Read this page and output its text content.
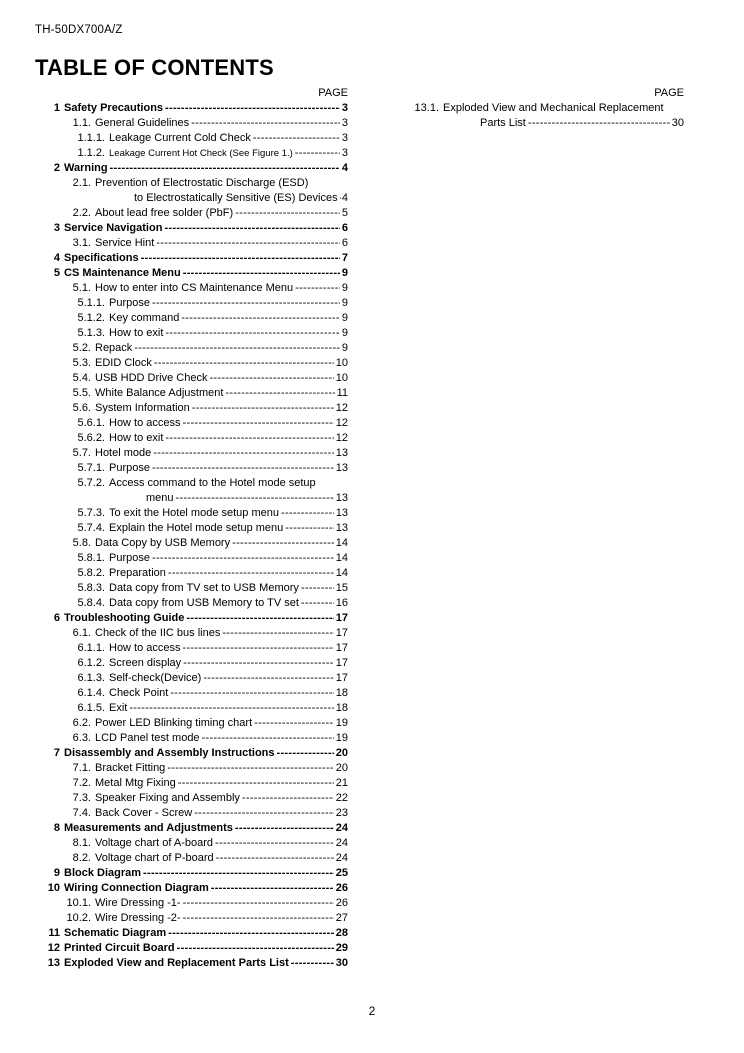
TH-50DX700A/Z
TABLE OF CONTENTS
PAGE
1 Safety Precautions -----	3
1.1. General Guidelines -----	3
1.1.1. Leakage Current Cold Check -----	3
1.1.2. Leakage Current Hot Check (See Figure 1.) -----	3
2 Warning -----	4
2.1. Prevention of Electrostatic Discharge (ESD)
to Electrostatically Sensitive (ES) Devices ----- 4
2.2. About lead free solder (PbF) -----	5
3 Service Navigation -----	6
3.1. Service Hint -----	6
4 Specifications -----	7
5 CS Maintenance Menu -----	9
5.1. How to enter into CS Maintenance Menu -----	9
5.1.1. Purpose -----	9
5.1.2. Key command -----	9
5.1.3. How to exit -----	9
5.2. Repack -----	9
5.3. EDID Clock -----	10
5.4. USB HDD Drive Check -----	10
5.5. White Balance Adjustment -----	11
5.6. System Information -----	12
5.6.1. How to access -----	12
5.6.2. How to exit -----	12
5.7. Hotel mode -----	13
5.7.1. Purpose -----	13
5.7.2. Access command to the Hotel mode setup
menu -----	13
5.7.3. To exit the Hotel mode setup menu -----	13
5.7.4. Explain the Hotel mode setup menu -----	13
5.8. Data Copy by USB Memory -----	14
5.8.1. Purpose -----	14
5.8.2. Preparation -----	14
5.8.3. Data copy from TV set to USB Memory -----	15
5.8.4. Data copy from USB Memory to TV set -----	16
6 Troubleshooting Guide -----	17
6.1. Check of the IIC bus lines -----	17
6.1.1. How to access -----	17
6.1.2. Screen display -----	17
6.1.3. Self-check(Device) -----	17
6.1.4. Check Point -----	18
6.1.5. Exit -----	18
6.2. Power LED Blinking timing chart -----	19
6.3. LCD Panel test mode -----	19
7 Disassembly and Assembly Instructions -----	20
7.1. Bracket Fitting -----	20
7.2. Metal Mtg Fixing -----	21
7.3. Speaker Fixing and Assembly -----	22
7.4. Back Cover - Screw -----	23
8 Measurements and Adjustments -----	24
8.1. Voltage chart of A-board -----	24
8.2. Voltage chart of P-board -----	24
9 Block Diagram -----	25
10 Wiring Connection Diagram -----	26
10.1. Wire Dressing -1- -----	26
10.2. Wire Dressing -2- -----	27
11 Schematic Diagram -----	28
12 Printed Circuit Board -----	29
13 Exploded View and Replacement Parts List -----	30
PAGE
13.1. Exploded View and Mechanical Replacement
Parts List -----	30
2
